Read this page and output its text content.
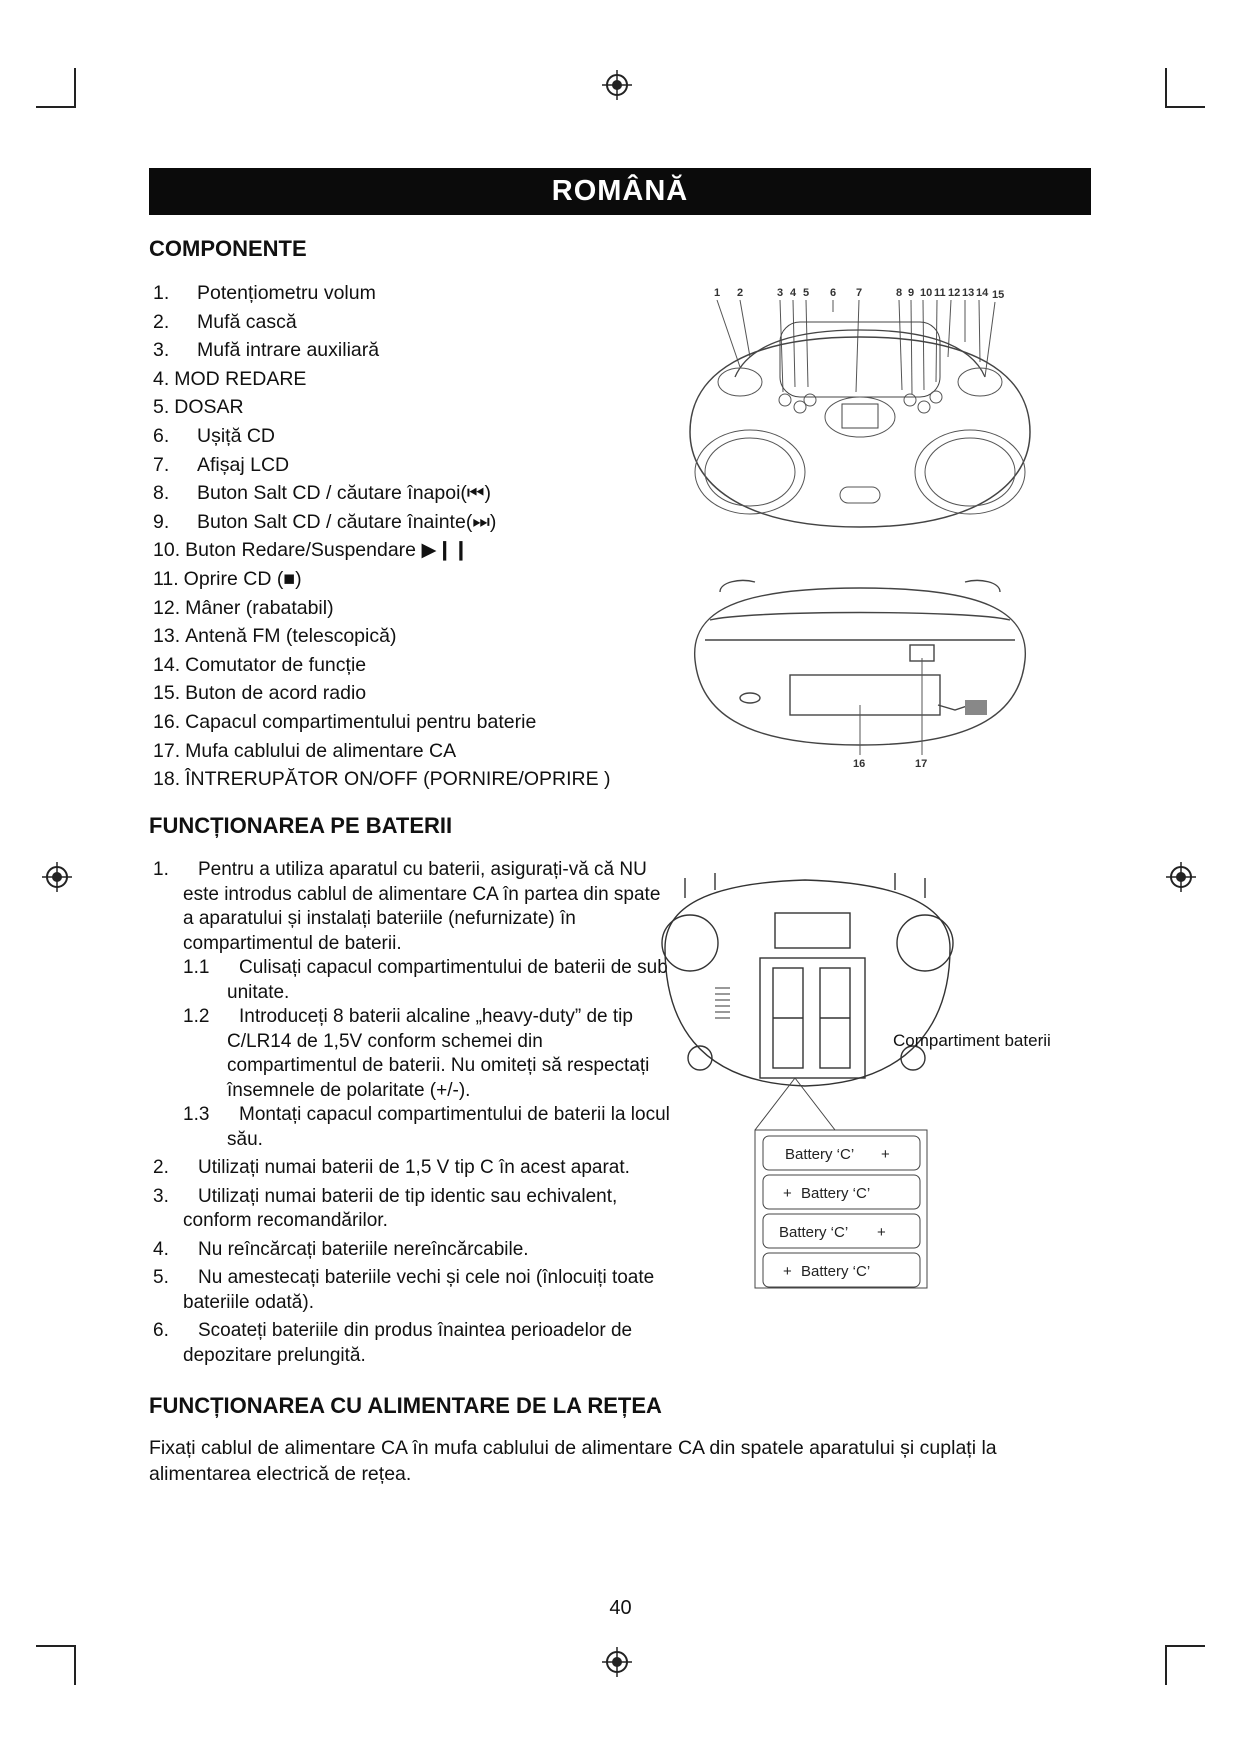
ROMÂNĂ
COMPONENTE
1. Potențiometru volum
2. Mufă cască
3. Mufă intrare auxiliară
4. MOD REDARE
5. DOSAR
6. Ușiță CD
7. Afișaj LCD
8. Buton Salt CD / căutare înapoi(⏮)
9. Buton Salt CD / căutare înainte(⏭)
10. Buton Redare/Suspendare ▶❙❙
11. Oprire CD (■)
12. Mâner (rabatabil)
13. Antenă FM (telescopică)
14. Comutator de funcție
15. Buton de acord radio
16. Capacul compartimentului pentru baterie
17. Mufa cablului de alimentare CA
18. ÎNTRERUPĂTOR ON/OFF (PORNIRE/OPRIRE )
1 2	3 4 5 6 7	8 9 10 11 12 13 14 15
16	17
FUNCȚIONAREA PE BATERII
1.	Pentru a utiliza aparatul cu baterii, asigurați-vă că NU este introdus cablul de alimentare CA în partea din spate a aparatului și instalați bateriile (nefurnizate) în compartimentul de baterii.
1.1	Culisați capacul compartimentului de baterii de sub unitate.
1.2	Introduceți 8 baterii alcaline „heavy-duty” de tip C/LR14 de 1,5V conform schemei din compartimentul de baterii. Nu omiteți să respectați însemnele de polaritate (+/-).
1.3	Montați capacul compartimentului de baterii la locul său.
2.	Utilizați numai baterii de 1,5 V tip C în acest aparat.
3.	Utilizați numai baterii de tip identic sau echivalent, conform recomandărilor.
4.	Nu reîncărcați bateriile nereîncărcabile.
5.	Nu amestecați bateriile vechi și cele noi (înlocuiți toate bateriile odată).
6.	Scoateți bateriile din produs înaintea perioadelor de depozitare prelungită.
Battery ‘C’ +
+ Battery ‘C’
Battery ‘C’ +
+ Battery ‘C’
Compartiment baterii
FUNCȚIONAREA CU ALIMENTARE DE LA REȚEA
Fixați cablul de alimentare CA în mufa cablului de alimentare CA din spatele aparatului și cuplați la alimentarea electrică de rețea.
40
